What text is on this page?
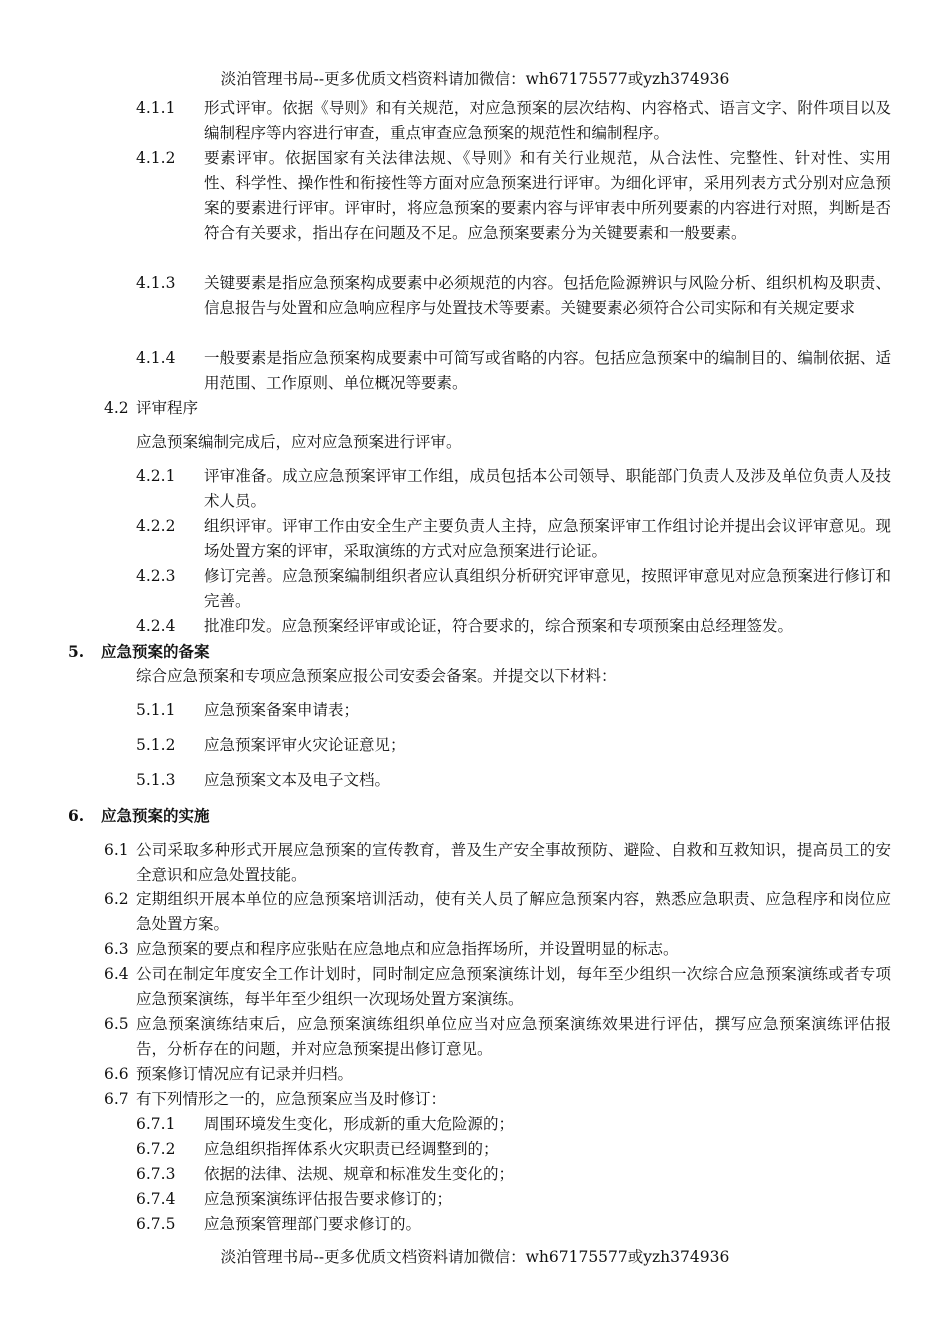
淡泊管理书局--更多优质文档资料请加微信：wh67175577或yzh374936
4.1.1	形式评审。依据《导则》和有关规范，对应急预案的层次结构、内容格式、语言文字、附件项目以及编制程序等内容进行审查，重点审查应急预案的规范性和编制程序。
4.1.2	要素评审。依据国家有关法律法规、《导则》和有关行业规范，从合法性、完整性、针对性、实用性、科学性、操作性和衔接性等方面对应急预案进行评审。为细化评审，采用列表方式分别对应急预案的要素进行评审。评审时，将应急预案的要素内容与评审表中所列要素的内容进行对照，判断是否符合有关要求，指出存在问题及不足。应急预案要素分为关键要素和一般要素。
4.1.3	关键要素是指应急预案构成要素中必须规范的内容。包括危险源辨识与风险分析、组织机构及职责、信息报告与处置和应急响应程序与处置技术等要素。关键要素必须符合公司实际和有关规定要求
4.1.4	一般要素是指应急预案构成要素中可简写或省略的内容。包括应急预案中的编制目的、编制依据、适用范围、工作原则、单位概况等要素。
4.2 评审程序
应急预案编制完成后，应对应急预案进行评审。
4.2.1	评审准备。成立应急预案评审工作组，成员包括本公司领导、职能部门负责人及涉及单位负责人及技术人员。
4.2.2	组织评审。评审工作由安全生产主要负责人主持，应急预案评审工作组讨论并提出会议评审意见。现场处置方案的评审，采取演练的方式对应急预案进行论证。
4.2.3	修订完善。应急预案编制组织者应认真组织分析研究评审意见，按照评审意见对应急预案进行修订和完善。
4.2.4	批准印发。应急预案经评审或论证，符合要求的，综合预案和专项预案由总经理签发。
5.	应急预案的备案
综合应急预案和专项应急预案应报公司安委会备案。并提交以下材料：
5.1.1	应急预案备案申请表；
5.1.2	应急预案评审火灾论证意见；
5.1.3	应急预案文本及电子文档。
6.	应急预案的实施
6.1 公司采取多种形式开展应急预案的宣传教育，普及生产安全事故预防、避险、自救和互救知识，提高员工的安全意识和应急处置技能。
6.2 定期组织开展本单位的应急预案培训活动，使有关人员了解应急预案内容，熟悉应急职责、应急程序和岗位应急处置方案。
6.3 应急预案的要点和程序应张贴在应急地点和应急指挥场所，并设置明显的标志。
6.4 公司在制定年度安全工作计划时，同时制定应急预案演练计划，每年至少组织一次综合应急预案演练或者专项应急预案演练，每半年至少组织一次现场处置方案演练。
6.5 应急预案演练结束后，应急预案演练组织单位应当对应急预案演练效果进行评估，撰写应急预案演练评估报告，分析存在的问题，并对应急预案提出修订意见。
6.6 预案修订情况应有记录并归档。
6.7 有下列情形之一的，应急预案应当及时修订：
6.7.1	周围环境发生变化，形成新的重大危险源的；
6.7.2	应急组织指挥体系火灾职责已经调整到的；
6.7.3	依据的法律、法规、规章和标准发生变化的；
6.7.4	应急预案演练评估报告要求修订的；
6.7.5	应急预案管理部门要求修订的。
淡泊管理书局--更多优质文档资料请加微信：wh67175577或yzh374936
